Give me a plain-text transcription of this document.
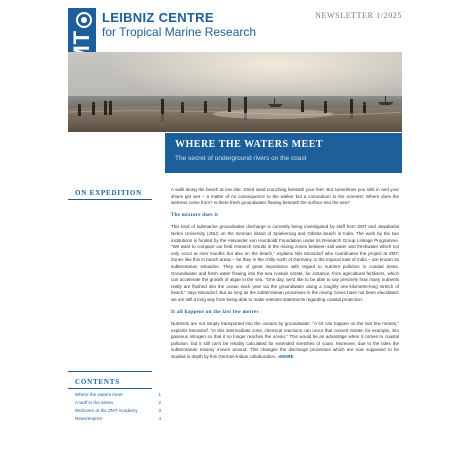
LEIBNIZ CENTRE
for Tropical Marine Research
NEWSLETTER 1/2025
WHERE THE WATERS MEET
The secret of underground rivers on the coast
ON EXPEDITION
CONTENTS
Where the waters meet	1
A wolf in the arena	2
Welcome at the ZMT Academy	3
News/Imprint	4

A walk along the beach at low tide. Dried sand crunching beneath your feet. But sometimes you sink in and your shoes get wet – a matter of no consequence to the walker but a conundrum to the scientist: Where does the wetness come from? Is there fresh groundwater flowing beneath the surface into the sea?

The mixture does it

This kind of submarine groundwater discharge is currently being investigated by staff from ZMT and Jawaharlal Nehru University (JNU) on the German island of Spiekeroog and Odisha beach in India. The work by the two institutions is funded by the Alexander von Humboldt Foundation under its Research Group Linkage Programme. "We want to compare our field research results in the mixing zones between salt water and freshwater which not only occur at river mouths but also on the beach," explains Nils Moosdorf who coordinates the project at ZMT. Zones like this in beach areas – be they in the chilly north of Germany or the tropical east of India – are known as subterranean estuaries. They are of great importance with regard to nutrient pollution in coastal areas. Groundwater and fresh water flowing into the sea contain nitrate, for instance, from agricultural fertilisers, which can accelerate the growth of algae in the sea. "One day, we'd like to be able to say precisely how many nutrients really are flushed into the ocean each year via the groundwater along a roughly one-kilometre-long stretch of beach," says Moosdorf. But as long as the subterranean processes in the mixing zones have not been elucidated, we are still a long way from being able to make relevant statements regarding coastal protection.

It all happens on the last few metres

Nutrients are not simply transported into the oceans by groundwater. "A lot can happen on the last few metres," explains Moosdorf. "In this intermediate zone, chemical reactions can occur that convert nitrate, for example, into gaseous nitrogen so that it no longer reaches the ocean." This would be an advantage when it comes to coastal pollution, but it still can't be reliably calculated for extended stretches of coast. Moreover, due to the tides the subterranean estuary moves around. This changes the discharge processes which are now supposed to be studied in depth by this German-Indian collaboration. »MORE
